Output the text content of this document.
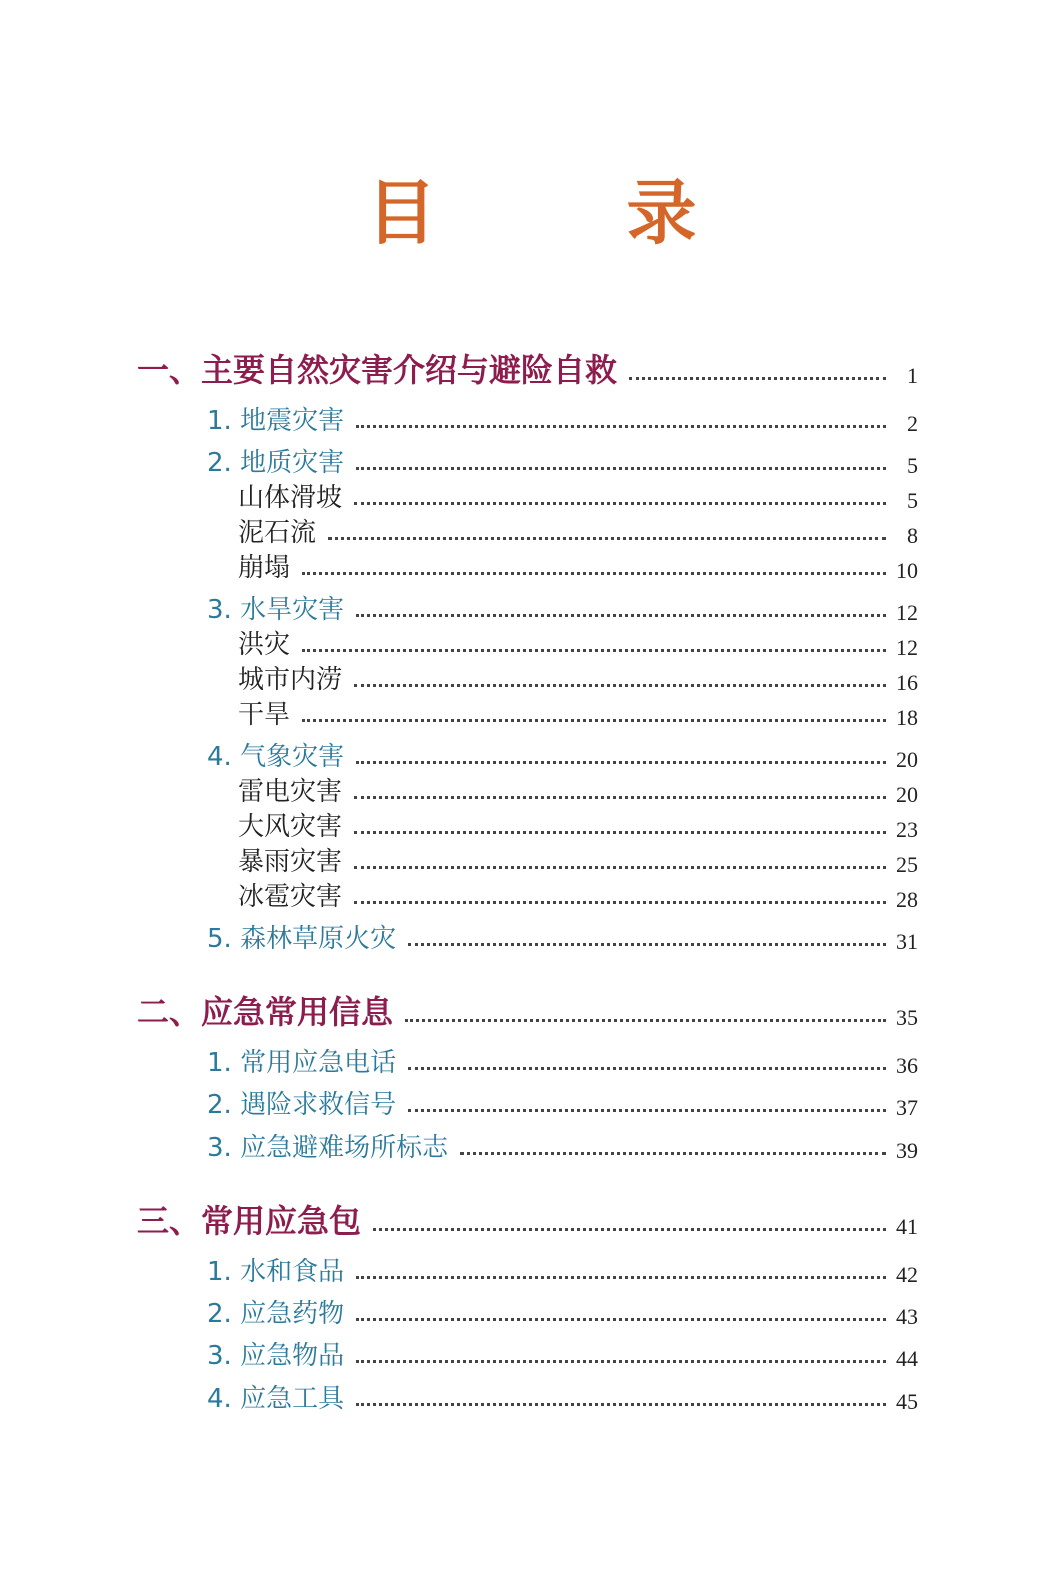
目　录
一、主要自然灾害介绍与避险自救	1
1. 地震灾害	2
2. 地质灾害	5
山体滑坡	5
泥石流	8
崩塌	10
3. 水旱灾害	12
洪灾	12
城市内涝	16
干旱	18
4. 气象灾害	20
雷电灾害	20
大风灾害	23
暴雨灾害	25
冰雹灾害	28
5. 森林草原火灾	31
二、应急常用信息	35
1. 常用应急电话	36
2. 遇险求救信号	37
3. 应急避难场所标志	39
三、常用应急包	41
1. 水和食品	42
2. 应急药物	43
3. 应急物品	44
4. 应急工具	45
